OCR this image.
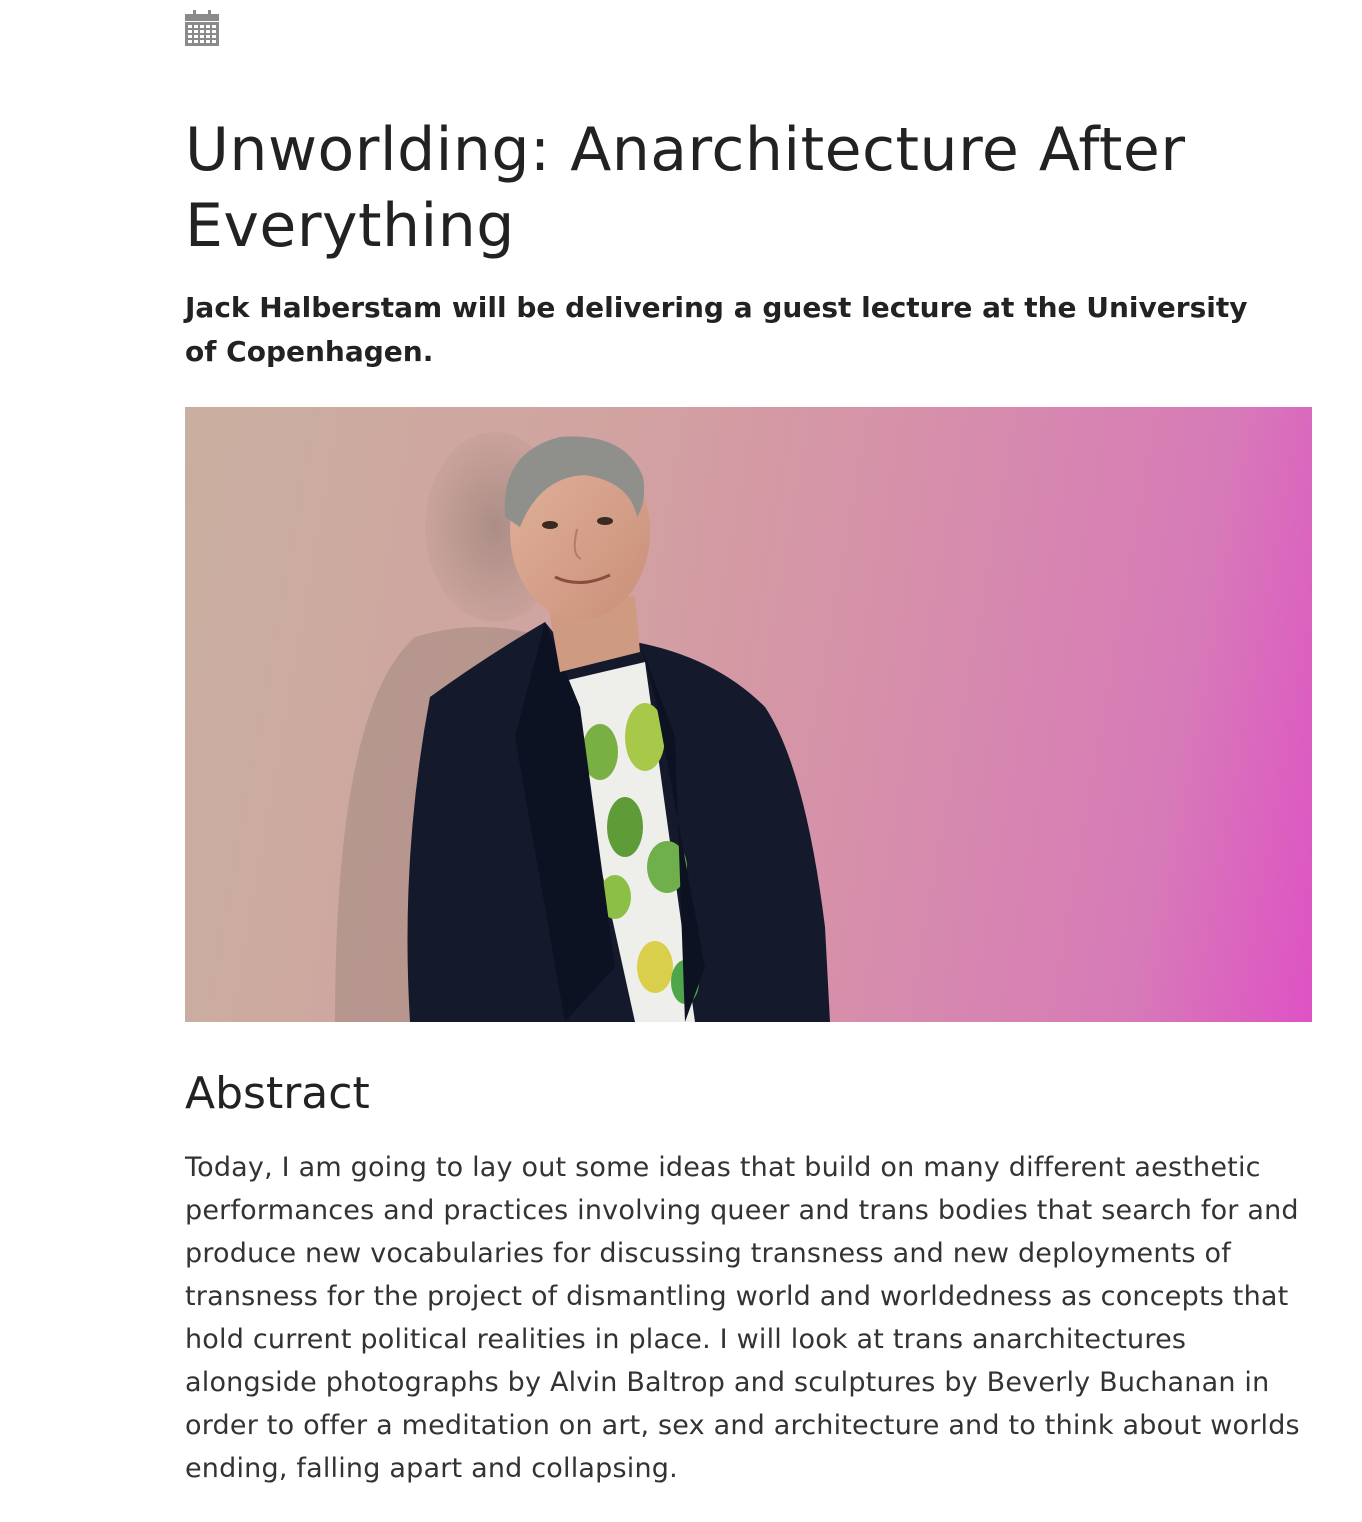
Unworlding: Anarchitecture After Everything

Jack Halberstam will be delivering a guest lecture at the University of Copenhagen.

Abstract

Today, I am going to lay out some ideas that build on many different aesthetic performances and practices involving queer and trans bodies that search for and produce new vocabularies for discussing transness and new deployments of transness for the project of dismantling world and worldedness as concepts that hold current political realities in place. I will look at trans anarchitectures alongside photographs by Alvin Baltrop and sculptures by Beverly Buchanan in order to offer a meditation on art, sex and architecture and to think about worlds ending, falling apart and collapsing.
